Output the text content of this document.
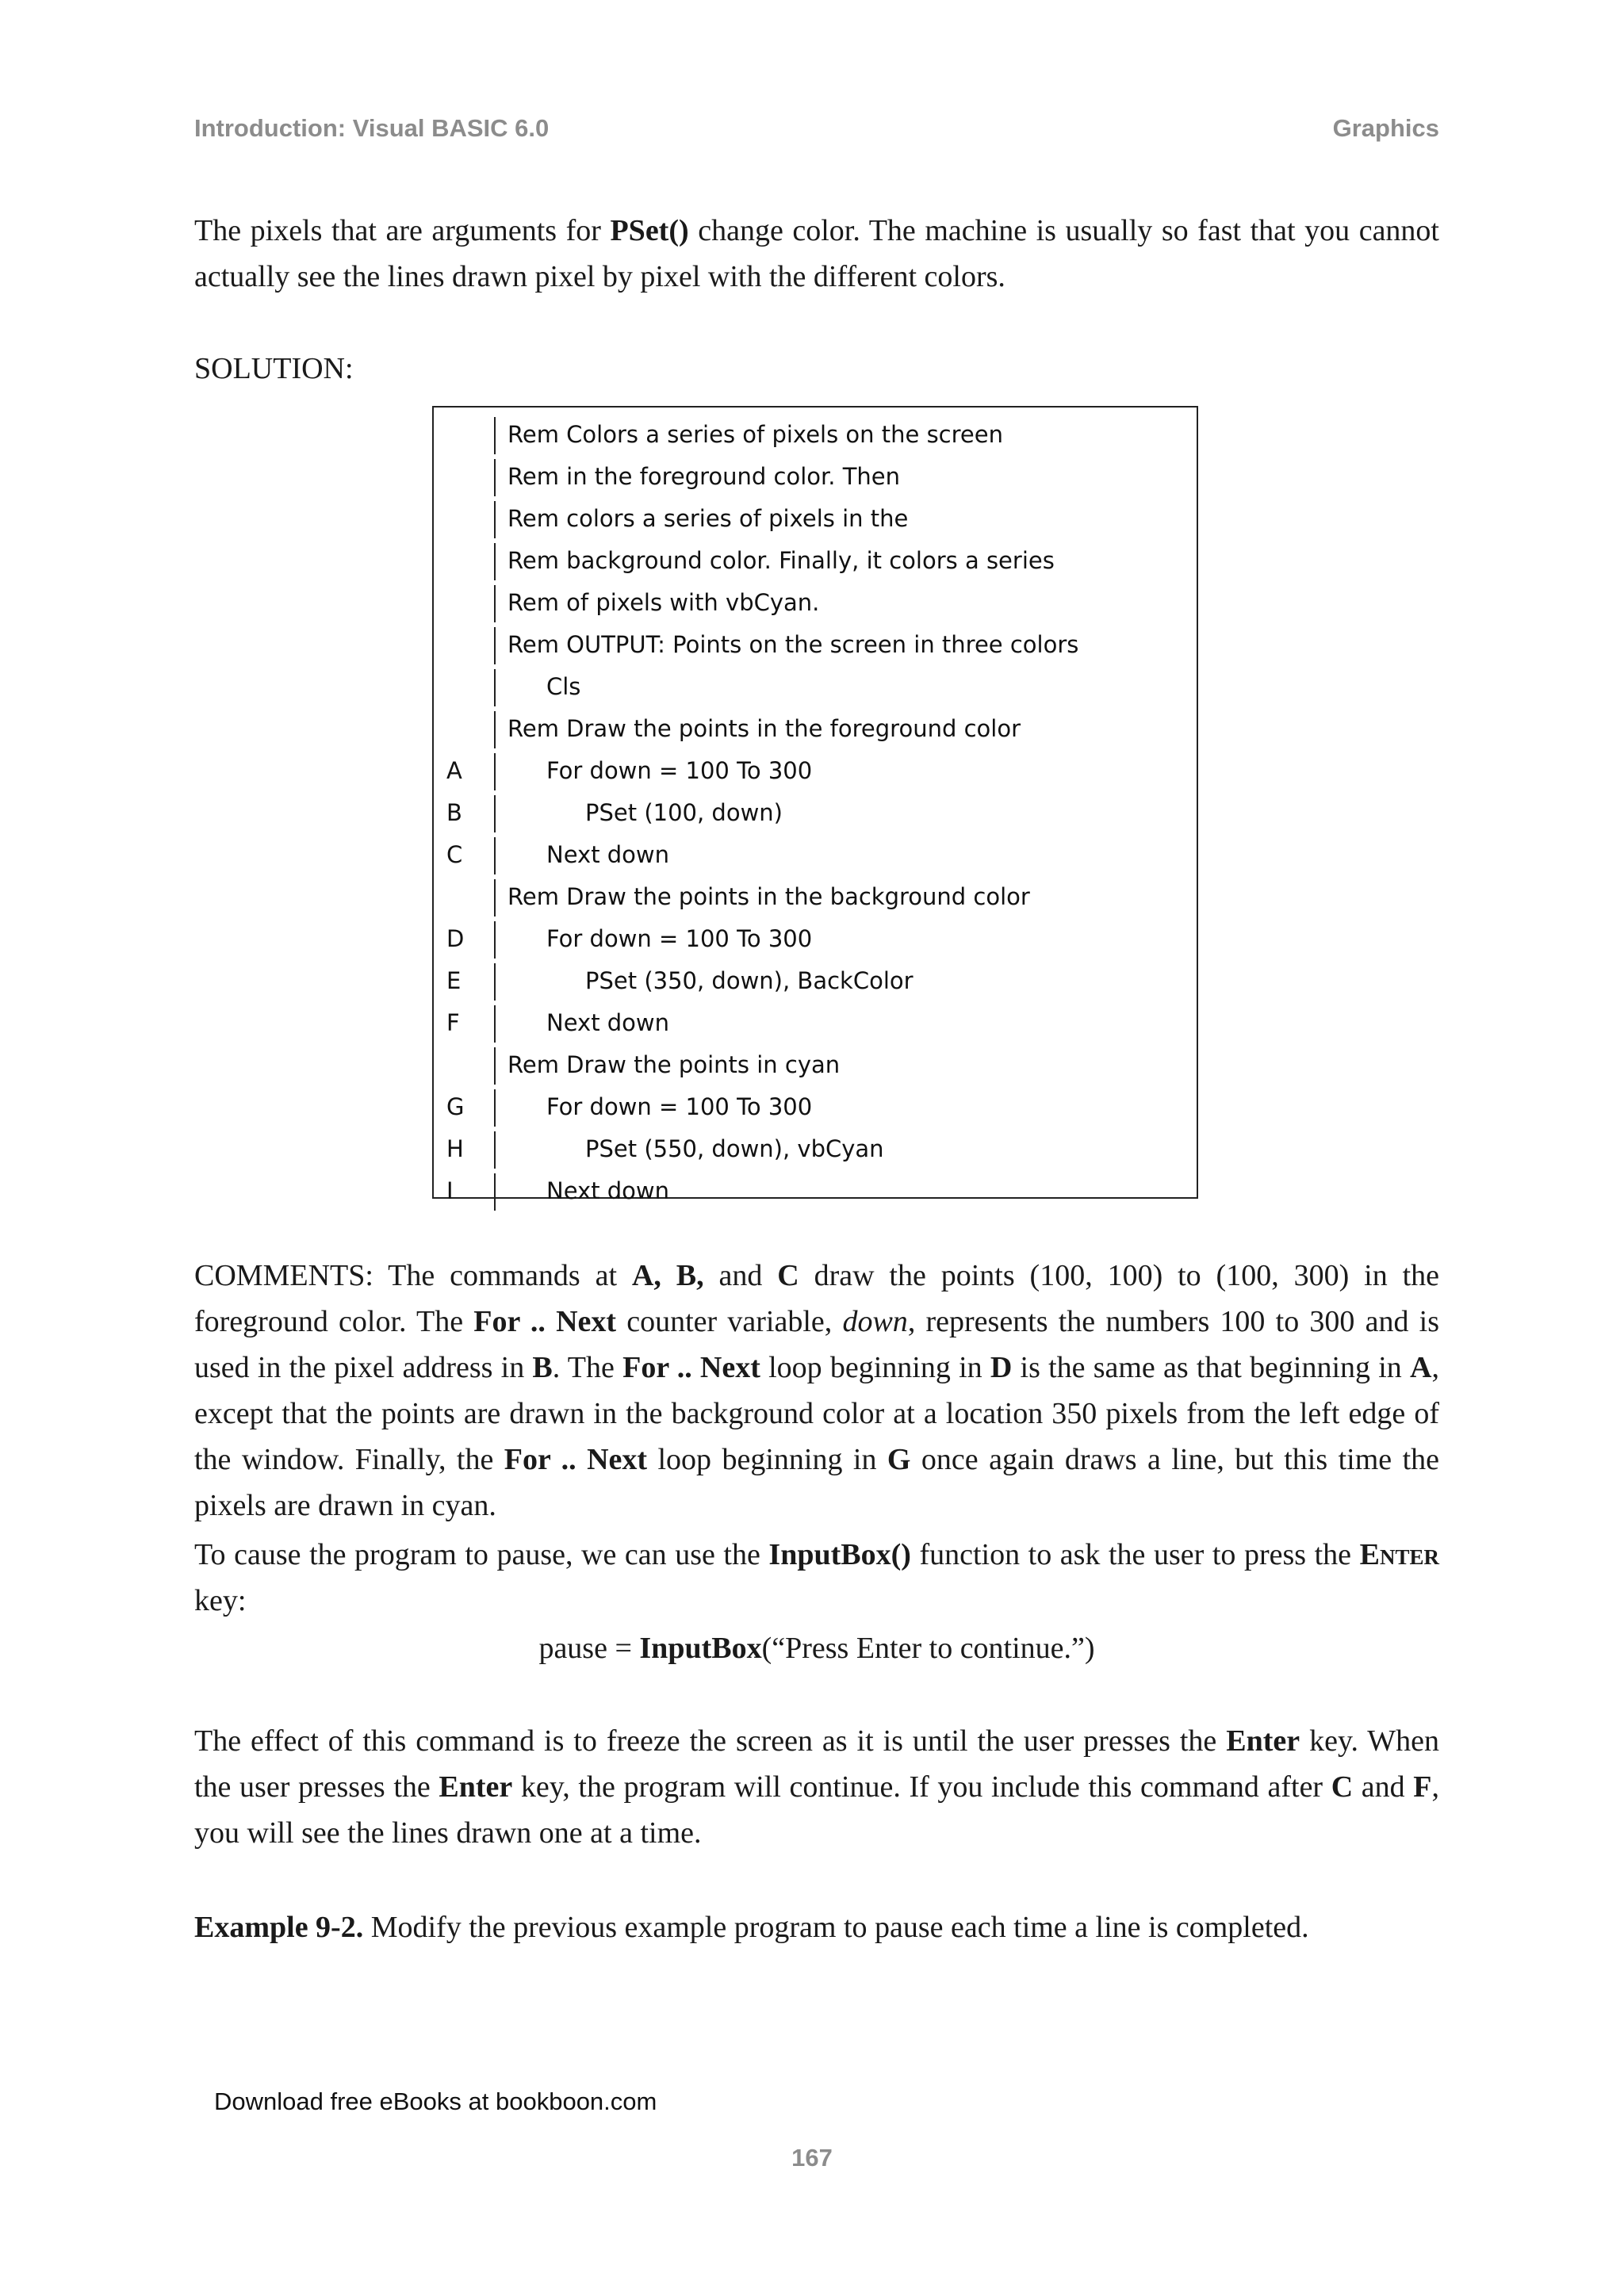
Introduction: Visual BASIC 6.0	Graphics
The pixels that are arguments for PSet() change color. The machine is usually so fast that you cannot actually see the lines drawn pixel by pixel with the different colors.
SOLUTION:
Rem Colors a series of pixels on the screen
Rem in the foreground color. Then
Rem colors a series of pixels in the
Rem background color. Finally, it colors a series
Rem of pixels with vbCyan.
Rem OUTPUT: Points on the screen in three colors
Cls
Rem Draw the points in the foreground color
A	For down = 100 To 300
B	PSet (100, down)
C	Next down
Rem Draw the points in the background color
D	For down = 100 To 300
E	PSet (350, down), BackColor
F	Next down
Rem Draw the points in cyan
G	For down = 100 To 300
H	PSet (550, down), vbCyan
I	Next down
COMMENTS: The commands at A, B, and C draw the points (100, 100) to (100, 300) in the foreground color. The For .. Next counter variable, down, represents the numbers 100 to 300 and is used in the pixel address in B. The For .. Next loop beginning in D is the same as that beginning in A, except that the points are drawn in the background color at a location 350 pixels from the left edge of the window. Finally, the For .. Next loop beginning in G once again draws a line, but this time the pixels are drawn in cyan.
To cause the program to pause, we can use the InputBox() function to ask the user to press the Enter key:
pause = InputBox(“Press Enter to continue.”)
The effect of this command is to freeze the screen as it is until the user presses the Enter key. When the user presses the Enter key, the program will continue. If you include this command after C and F, you will see the lines drawn one at a time.
Example 9-2. Modify the previous example program to pause each time a line is completed.
Download free eBooks at bookboon.com
167
